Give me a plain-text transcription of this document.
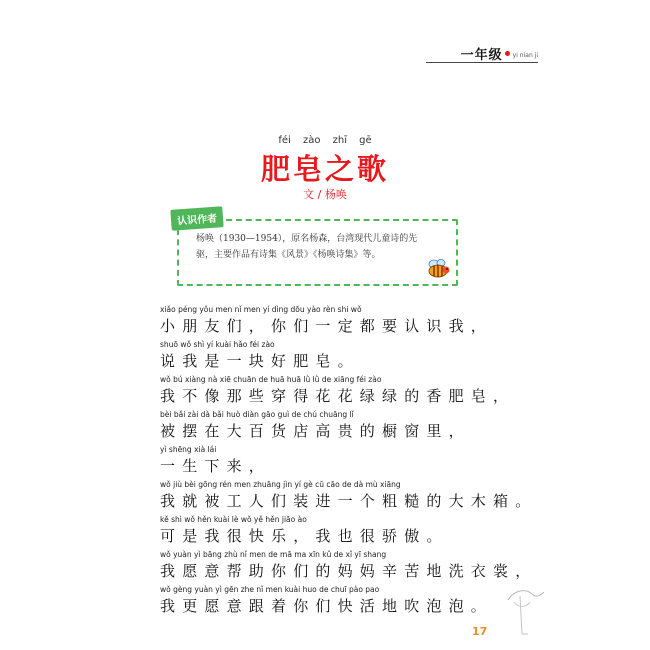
一年级 yi nian ji
féi zào zhī gē
肥皂之歌
文 / 杨唤
认识作者
杨唤（1930—1954），原名杨森，台湾现代儿童诗的先驱，主要作品有诗集《风景》《杨唤诗集》等。
xiǎo péng yǒu men nǐ men yí dìng dōu yào rèn shi wǒ
小朋友们，你们一定都要认识我，
shuō wǒ shì yí kuài hǎo féi zào
说我是一块好肥皂。
wǒ bú xiàng nà xiē chuān de huā huā lǜ lǜ de xiāng féi zào
我不像那些穿得花花绿绿的香肥皂，
bèi bǎi zài dà bǎi huò diàn gāo guì de chú chuāng lǐ
被摆在大百货店高贵的橱窗里，
yì shēng xià lái
一生下来，
wǒ jiù bèi gōng rén men zhuāng jìn yí gè cū cāo de dà mù xiāng
我就被工人们装进一个粗糙的大木箱。
kě shì wǒ hěn kuài lè wǒ yě hěn jiāo ào
可是我很快乐，我也很骄傲。
wǒ yuàn yì bāng zhù nǐ men de mā ma xīn kǔ de xǐ yī shang
我愿意帮助你们的妈妈辛苦地洗衣裳，
wǒ gèng yuàn yì gēn zhe nǐ men kuài huo de chuī pào pao
我更愿意跟着你们快活地吹泡泡。
17
